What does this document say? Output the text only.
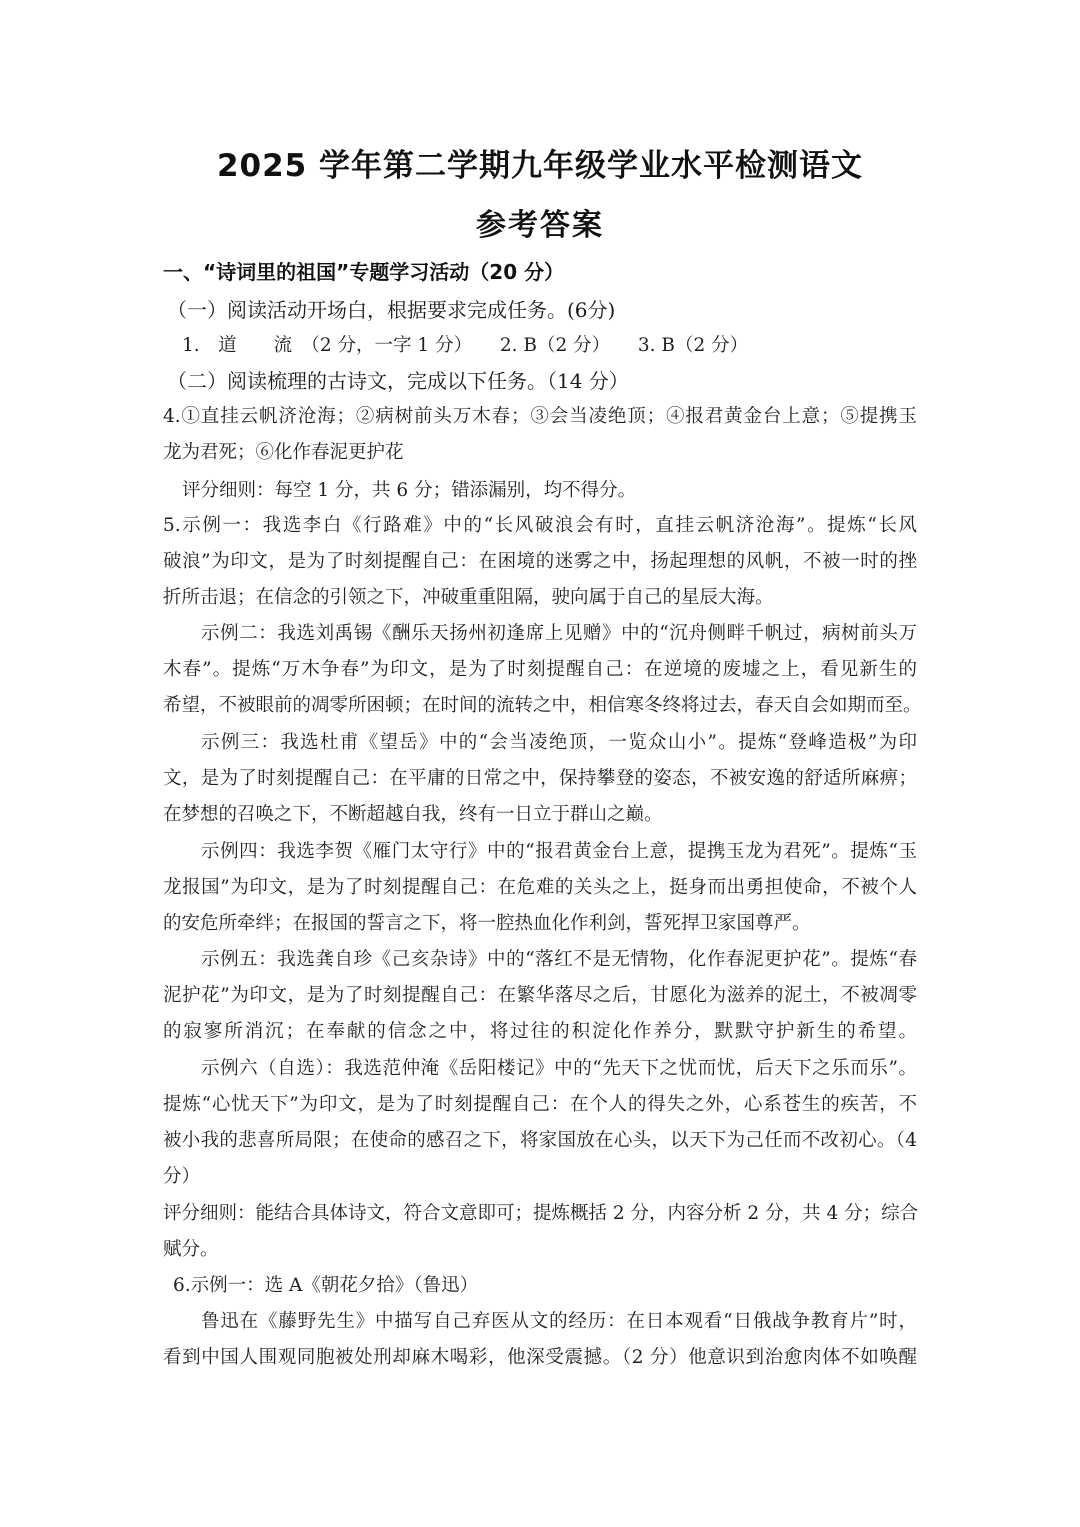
2025 学年第二学期九年级学业水平检测语文
参考答案
一、“诗词里的祖国”专题学习活动（20 分）
（一）阅读活动开场白，根据要求完成任务。(6分)
1.　道　　流　（2 分，一字 1 分）　　2. B（2 分）　　3. B（2 分）
（二）阅读梳理的古诗文，完成以下任务。（14 分）
4.①直挂云帆济沧海；②病树前头万木春；③会当凌绝顶；④报君黄金台上意；⑤提携玉
龙为君死；⑥化作春泥更护花
评分细则：每空 1 分，共 6 分；错添漏别，均不得分。
5.示例一：我选李白《行路难》中的“长风破浪会有时，直挂云帆济沧海”。提炼“长风
破浪”为印文，是为了时刻提醒自己：在困境的迷雾之中，扬起理想的风帆，不被一时的挫
折所击退；在信念的引领之下，冲破重重阻隔，驶向属于自己的星辰大海。
示例二：我选刘禹锡《酬乐天扬州初逢席上见赠》中的“沉舟侧畔千帆过，病树前头万
木春”。提炼“万木争春”为印文，是为了时刻提醒自己：在逆境的废墟之上，看见新生的
希望，不被眼前的凋零所困顿；在时间的流转之中，相信寒冬终将过去，春天自会如期而至。
示例三：我选杜甫《望岳》中的“会当凌绝顶，一览众山小”。提炼“登峰造极”为印
文，是为了时刻提醒自己：在平庸的日常之中，保持攀登的姿态，不被安逸的舒适所麻痹；
在梦想的召唤之下，不断超越自我，终有一日立于群山之巅。
示例四：我选李贺《雁门太守行》中的“报君黄金台上意，提携玉龙为君死”。提炼“玉
龙报国”为印文，是为了时刻提醒自己：在危难的关头之上，挺身而出勇担使命，不被个人
的安危所牵绊；在报国的誓言之下，将一腔热血化作利剑，誓死捍卫家国尊严。
示例五：我选龚自珍《己亥杂诗》中的“落红不是无情物，化作春泥更护花”。提炼“春
泥护花”为印文，是为了时刻提醒自己：在繁华落尽之后，甘愿化为滋养的泥土，不被凋零
的寂寥所消沉；在奉献的信念之中，将过往的积淀化作养分，默默守护新生的希望。
示例六（自选）：我选范仲淹《岳阳楼记》中的“先天下之忧而忧，后天下之乐而乐”。
提炼“心忧天下”为印文，是为了时刻提醒自己：在个人的得失之外，心系苍生的疾苦，不
被小我的悲喜所局限；在使命的感召之下，将家国放在心头，以天下为己任而不改初心。（4
分）
评分细则：能结合具体诗文，符合文意即可；提炼概括 2 分，内容分析 2 分，共 4 分；综合
赋分。
6.示例一：选 A《朝花夕拾》（鲁迅）
鲁迅在《藤野先生》中描写自己弃医从文的经历：在日本观看“日俄战争教育片”时，
看到中国人围观同胞被处刑却麻木喝彩，他深受震撼。（2 分）他意识到治愈肉体不如唤醒
